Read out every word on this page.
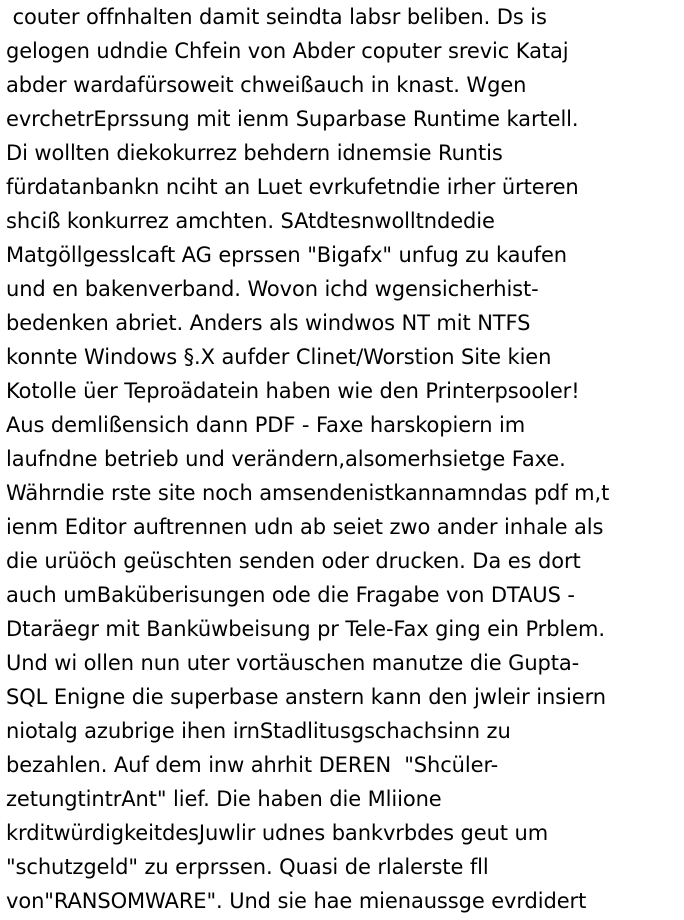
couter offnhalten damit seindta labsr beliben. Ds is
gelogen udndie Chfein von Abder coputer srevic Kataj
abder wardafürsoweit chweißauch in knast. Wgen
evrchetrEprssung mit ienm Suparbase Runtime kartell.
Di wollten diekokurrez behdern idnemsie Runtis
fürdatanbankn nciht an Luet evrkufetndie irher ürteren
shciß konkurrez amchten. SAtdtesnwolltndedie
Matgöllgesslcaft AG eprssen "Bigafx" unfug zu kaufen
und en bakenverband. Wovon ichd wgensicherhist-
bedenken abriet. Anders als windwos NT mit NTFS
konnte Windows §.X aufder Clinet/Worstion Site kien
Kotolle üer Teproädatein haben wie den Printerpsooler!
Aus demlißensich dann PDF - Faxe harskopiern im
laufndne betrieb und verändern,alsomerhsietge Faxe.
Währndie rste site noch amsendenistkannamndas pdf m,t
ienm Editor auftrennen udn ab seiet zwo ander inhale als
die urüöch geüschten senden oder drucken. Da es dort
auch umBaküberisungen ode die Fragabe von DTAUS -
Dtaräegr mit Banküwbeisung pr Tele-Fax ging ein Prblem.
Und wi ollen nun uter vortäuschen manutze die Gupta-
SQL Enigne die superbase anstern kann den jwleir insiern
niotalg azubrige ihen irnStadlitusgschachsinn zu
bezahlen. Auf dem inw ahrhit DEREN  "Shcüler-
zetungtintrAnt" lief. Die haben die Mliione
krditwürdigkeitdesJuwlir udnes bankvrbdes geut um
"schutzgeld" zu erprssen. Quasi de rlalerste fll
von"RANSOMWARE". Und sie hae mienaussge evrdidert
